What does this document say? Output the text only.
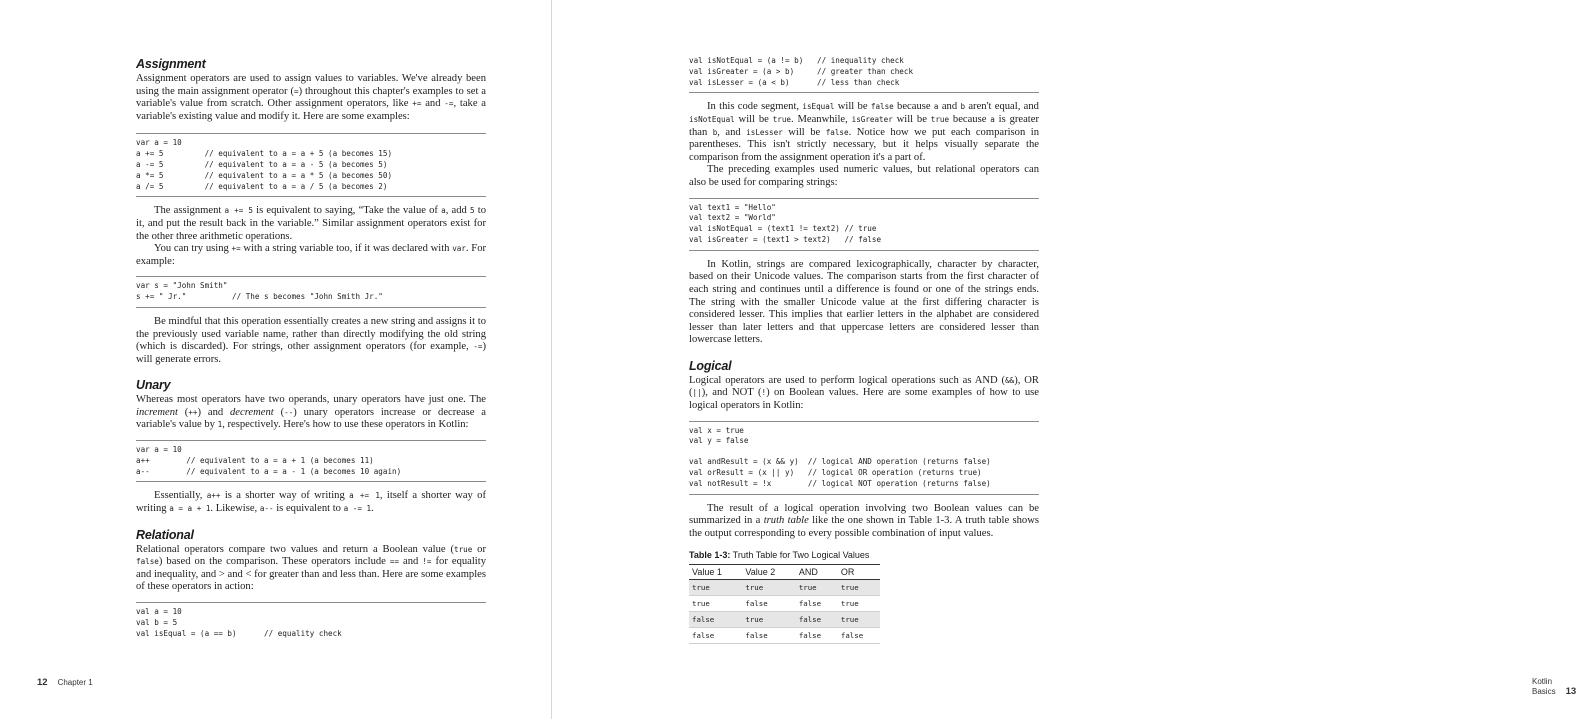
Assignment

Assignment operators are used to assign values to variables. We've already been using the main assignment operator (=) throughout this chapter's examples to set a variable's value from scratch. Other assignment operators, like += and -=, take a variable's existing value and modify it. Here are some examples:

var a = 10
a += 5         // equivalent to a = a + 5 (a becomes 15)
a -= 5         // equivalent to a = a - 5 (a becomes 5)
a *= 5         // equivalent to a = a * 5 (a becomes 50)
a /= 5         // equivalent to a = a / 5 (a becomes 2)

The assignment a += 5 is equivalent to saying, “Take the value of a, add 5 to it, and put the result back in the variable.” Similar assignment operators exist for the other three arithmetic operations.

You can try using += with a string variable too, if it was declared with var. For example:

var s = "John Smith"
s += " Jr."          // The s becomes "John Smith Jr."

Be mindful that this operation essentially creates a new string and assigns it to the previously used variable name, rather than directly modifying the old string (which is discarded). For strings, other assignment operators (for example, -=) will generate errors.

Unary

Whereas most operators have two operands, unary operators have just one. The increment (++) and decrement (--) unary operators increase or decrease a variable's value by 1, respectively. Here's how to use these operators in Kotlin:

var a = 10
a++        // equivalent to a = a + 1 (a becomes 11)
a--        // equivalent to a = a - 1 (a becomes 10 again)

Essentially, a++ is a shorter way of writing a += 1, itself a shorter way of writing a = a + 1. Likewise, a-- is equivalent to a -= 1.

Relational

Relational operators compare two values and return a Boolean value (true or false) based on the comparison. These operators include == and != for equality and inequality, and > and < for greater than and less than. Here are some examples of these operators in action:

val a = 10
val b = 5
val isEqual = (a == b)      // equality check
12 Chapter 1
val isNotEqual = (a != b)   // inequality check
val isGreater = (a > b)     // greater than check
val isLesser = (a < b)      // less than check

In this code segment, isEqual will be false because a and b aren't equal, and isNotEqual will be true. Meanwhile, isGreater will be true because a is greater than b, and isLesser will be false. Notice how we put each comparison in parentheses. This isn't strictly necessary, but it helps visually separate the comparison from the assignment operation it's a part of.

The preceding examples used numeric values, but relational operators can also be used for comparing strings:

val text1 = "Hello"
val text2 = "World"
val isNotEqual = (text1 != text2) // true
val isGreater = (text1 > text2)   // false

In Kotlin, strings are compared lexicographically, character by character, based on their Unicode values. The comparison starts from the first character of each string and continues until a difference is found or one of the strings ends. The string with the smaller Unicode value at the first differing character is considered lesser. This implies that earlier letters in the alphabet are considered lesser than later letters and that uppercase letters are considered lesser than lowercase letters.

Logical

Logical operators are used to perform logical operations such as AND (&&), OR (||), and NOT (!) on Boolean values. Here are some examples of how to use logical operators in Kotlin:

val x = true
val y = false
val andResult = (x && y)  // logical AND operation (returns false)
val orResult = (x || y)   // logical OR operation (returns true)
val notResult = !x        // logical NOT operation (returns false)

The result of a logical operation involving two Boolean values can be summarized in a truth table like the one shown in Table 1-3. A truth table shows the output corresponding to every possible combination of input values.

Table 1-3: Truth Table for Two Logical Values
Value 1	Value 2	AND	OR
true	true	true	true
true	false	false	true
false	true	false	true
false	false	false	false
Kotlin Basics 13
